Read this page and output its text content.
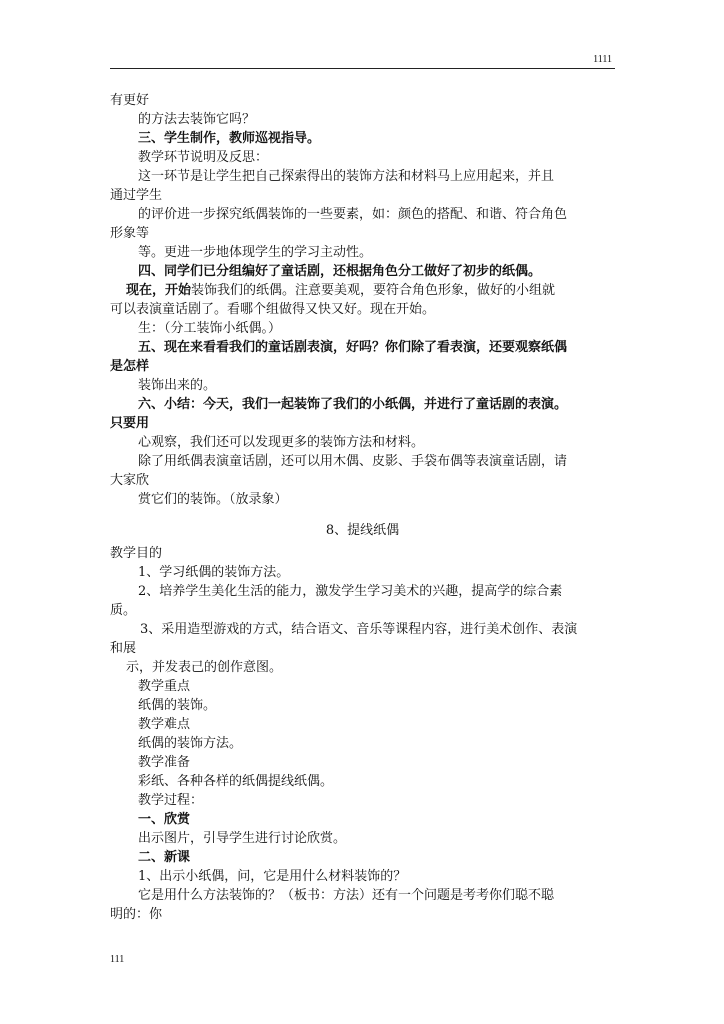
1111

有更好

的方法去装饰它吗？

三、学生制作，教师巡视指导。

教学环节说明及反思：

这一环节是让学生把自己探索得出的装饰方法和材料马上应用起来，并且

通过学生

的评价进一步探究纸偶装饰的一些要素，如：颜色的搭配、和谐、符合角色

形象等

等。更进一步地体现学生的学习主动性。

四、同学们已分组编好了童话剧，还根据角色分工做好了初步的纸偶。

现在，开始装饰我们的纸偶。注意要美观，要符合角色形象，做好的小组就

可以表演童话剧了。看哪个组做得又快又好。现在开始。

生：（分工装饰小纸偶。）

五、现在来看看我们的童话剧表演，好吗？你们除了看表演，还要观察纸偶

是怎样

装饰出来的。

六、小结：今天，我们一起装饰了我们的小纸偶，并进行了童话剧的表演。

只要用

心观察，我们还可以发现更多的装饰方法和材料。

除了用纸偶表演童话剧，还可以用木偶、皮影、手袋布偶等表演童话剧，请

大家欣

赏它们的装饰。（放录象）

8、提线纸偶

教学目的

1、学习纸偶的装饰方法。

2、培养学生美化生活的能力，激发学生学习美术的兴趣，提高学的综合素

质。

3、采用造型游戏的方式，结合语文、音乐等课程内容，进行美术创作、表演

和展

示，并发表己的创作意图。

教学重点

纸偶的装饰。

教学难点

纸偶的装饰方法。

教学准备

彩纸、各种各样的纸偶提线纸偶。

教学过程：

一、欣赏

出示图片，引导学生进行讨论欣赏。

二、新课

1、出示小纸偶，问，它是用什么材料装饰的？

它是用什么方法装饰的？（板书：方法）还有一个问题是考考你们聪不聪

明的：你

111
